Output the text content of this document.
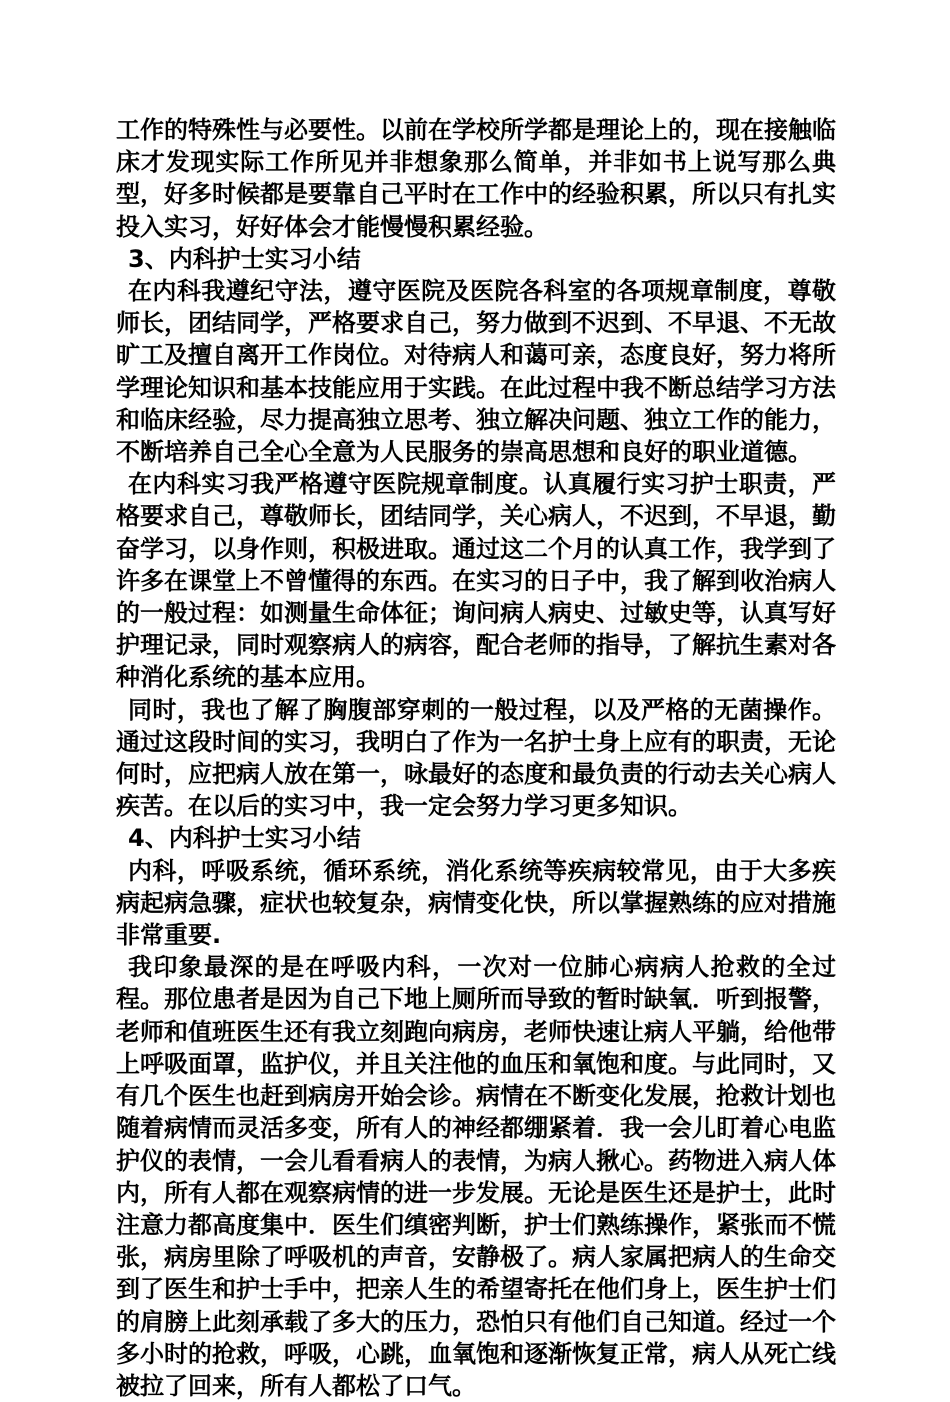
工作的特殊性与必要性。以前在学校所学都是理论上的，现在接触临床才发现实际工作所见并非想象那么简单，并非如书上说写那么典型，好多时候都是要靠自己平时在工作中的经验积累，所以只有扎实投入实习，好好体会才能慢慢积累经验。

3、内科护士实习小结

在内科我遵纪守法，遵守医院及医院各科室的各项规章制度，尊敬师长，团结同学，严格要求自己，努力做到不迟到、不早退、不无故旷工及擅自离开工作岗位。对待病人和蔼可亲，态度良好，努力将所学理论知识和基本技能应用于实践。在此过程中我不断总结学习方法和临床经验，尽力提高独立思考、独立解决问题、独立工作的能力，不断培养自己全心全意为人民服务的崇高思想和良好的职业道德。

在内科实习我严格遵守医院规章制度。认真履行实习护士职责，严格要求自己，尊敬师长，团结同学，关心病人，不迟到，不早退，勤奋学习，以身作则，积极进取。通过这二个月的认真工作，我学到了许多在课堂上不曾懂得的东西。在实习的日子中，我了解到收治病人的一般过程：如测量生命体征；询问病人病史、过敏史等，认真写好护理记录，同时观察病人的病容，配合老师的指导，了解抗生素对各种消化系统的基本应用。

同时，我也了解了胸腹部穿刺的一般过程，以及严格的无菌操作。通过这段时间的实习，我明白了作为一名护士身上应有的职责，无论何时，应把病人放在第一，咏最好的态度和最负责的行动去关心病人疾苦。在以后的实习中，我一定会努力学习更多知识。

4、内科护士实习小结

内科，呼吸系统，循环系统，消化系统等疾病较常见，由于大多疾病起病急骤，症状也较复杂，病情变化快，所以掌握熟练的应对措施非常重要.

我印象最深的是在呼吸内科，一次对一位肺心病病人抢救的全过程。那位患者是因为自己下地上厕所而导致的暂时缺氧．听到报警，老师和值班医生还有我立刻跑向病房，老师快速让病人平躺，给他带上呼吸面罩，监护仪，并且关注他的血压和氧饱和度。与此同时，又有几个医生也赶到病房开始会诊。病情在不断变化发展，抢救计划也随着病情而灵活多变，所有人的神经都绷紧着．我一会儿盯着心电监护仪的表情，一会儿看看病人的表情，为病人揪心。药物进入病人体内，所有人都在观察病情的进一步发展。无论是医生还是护士，此时注意力都高度集中．医生们缜密判断，护士们熟练操作，紧张而不慌张，病房里除了呼吸机的声音，安静极了。病人家属把病人的生命交到了医生和护士手中，把亲人生的希望寄托在他们身上，医生护士们的肩膀上此刻承载了多大的压力，恐怕只有他们自己知道。经过一个多小时的抢救，呼吸，心跳，血氧饱和逐渐恢复正常，病人从死亡线被拉了回来，所有人都松了口气。
